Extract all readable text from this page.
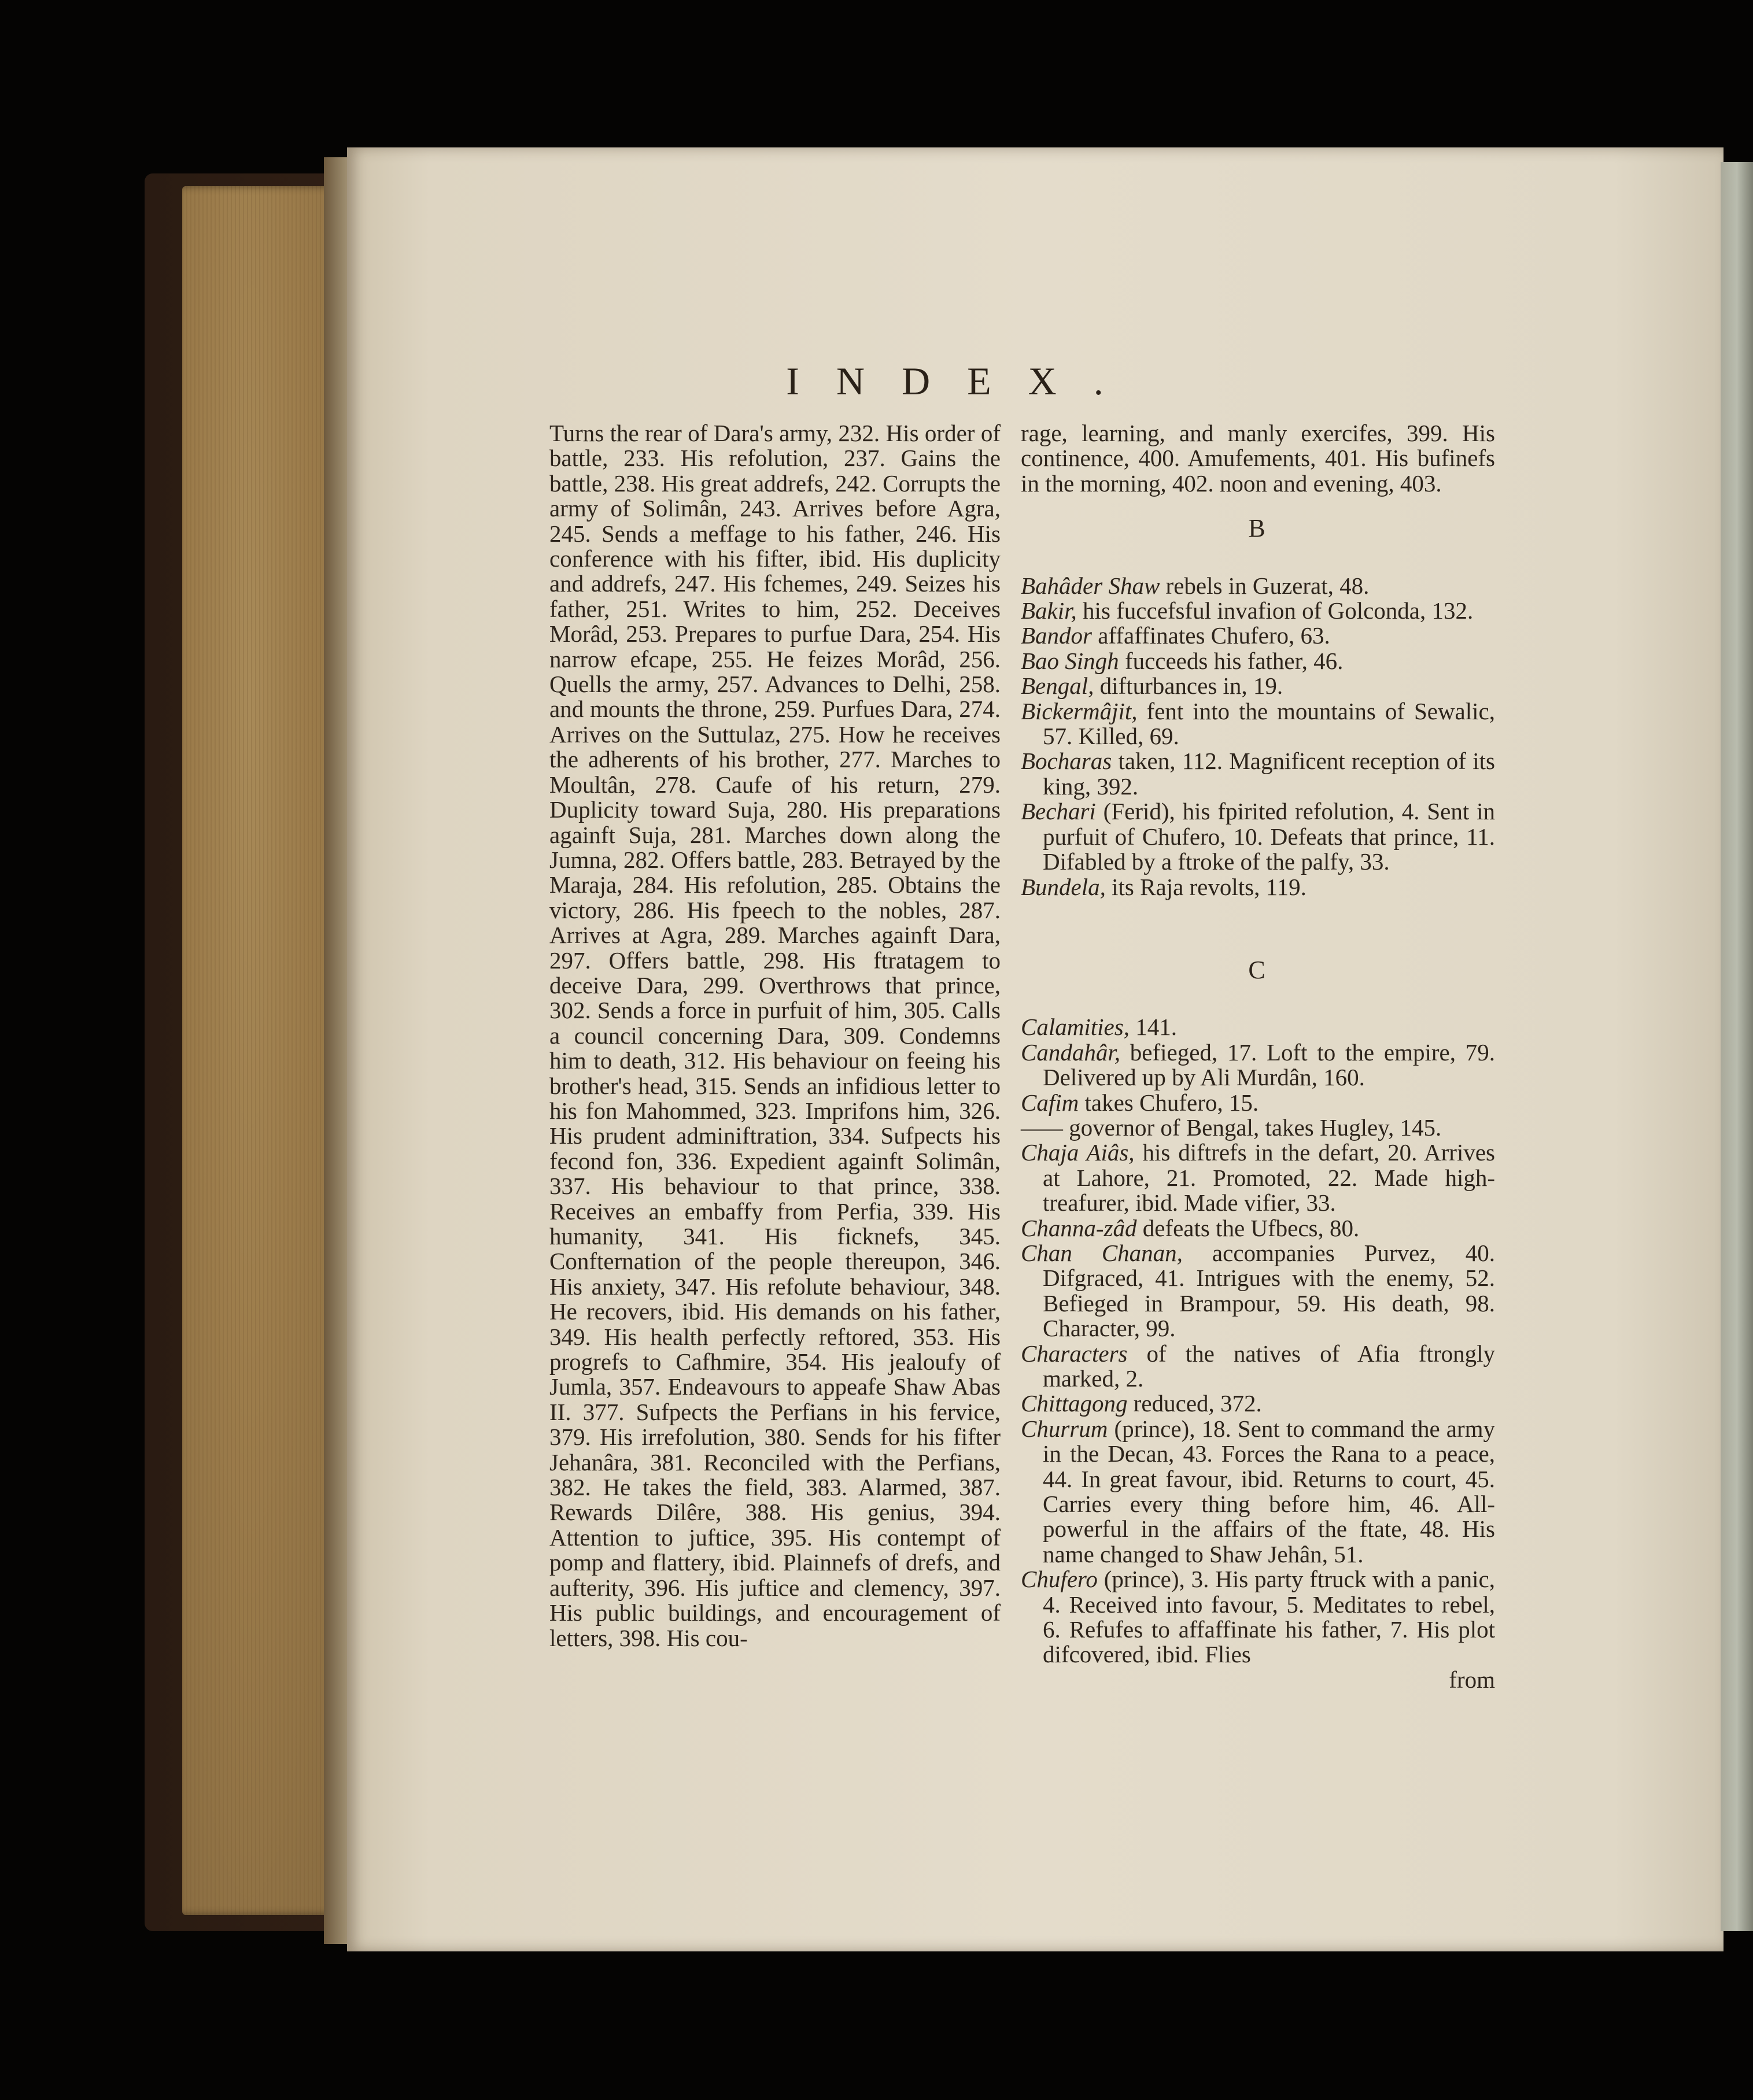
INDEX.
Turns the rear of Dara's army, 232. His order of battle, 233. His refolution, 237. Gains the battle, 238. His great addrefs, 242. Corrupts the army of Solimân, 243. Arrives before Agra, 245. Sends a meffage to his father, 246. His conference with his fifter, ibid. His duplicity and addrefs, 247. His fchemes, 249. Seizes his father, 251. Writes to him, 252. Deceives Morâd, 253. Prepares to purfue Dara, 254. His narrow efcape, 255. He feizes Morâd, 256. Quells the army, 257. Advances to Delhi, 258. and mounts the throne, 259. Purfues Dara, 274. Arrives on the Suttulaz, 275. How he receives the adherents of his brother, 277. Marches to Moultân, 278. Caufe of his return, 279. Duplicity toward Suja, 280. His preparations againft Suja, 281. Marches down along the Jumna, 282. Offers battle, 283. Betrayed by the Maraja, 284. His refolution, 285. Obtains the victory, 286. His fpeech to the nobles, 287. Arrives at Agra, 289. Marches againft Dara, 297. Offers battle, 298. His ftratagem to deceive Dara, 299. Overthrows that prince, 302. Sends a force in purfuit of him, 305. Calls a council concerning Dara, 309. Condemns him to death, 312. His behaviour on feeing his brother's head, 315. Sends an infidious letter to his fon Mahommed, 323. Imprifons him, 326. His prudent adminiftration, 334. Sufpects his fecond fon, 336. Expedient againft Solimân, 337. His behaviour to that prince, 338. Receives an embaffy from Perfia, 339. His humanity, 341. His ficknefs, 345. Confternation of the people thereupon, 346. His anxiety, 347. His refolute behaviour, 348. He recovers, ibid. His demands on his father, 349. His health perfectly reftored, 353. His progrefs to Cafhmire, 354. His jealoufy of Jumla, 357. Endeavours to appeafe Shaw Abas II. 377. Sufpects the Perfians in his fervice, 379. His irrefolution, 380. Sends for his fifter Jehanâra, 381. Reconciled with the Perfians, 382. He takes the field, 383. Alarmed, 387. Rewards Dilêre, 388. His genius, 394. Attention to juftice, 395. His contempt of pomp and flattery, ibid. Plainnefs of drefs, and aufterity, 396. His juftice and clemency, 397. His public buildings, and encouragement of letters, 398. His cou-
rage, learning, and manly exercifes, 399. His continence, 400. Amufements, 401. His bufinefs in the morning, 402. noon and evening, 403.
B
Bahâder Shaw rebels in Guzerat, 48.
Bakir, his fuccefsful invafion of Golconda, 132.
Bandor affaffinates Chufero, 63.
Bao Singh fucceeds his father, 46.
Bengal, difturbances in, 19.
Bickermâjit, fent into the mountains of Sewalic, 57. Killed, 69.
Bocharas taken, 112. Magnificent reception of its king, 392.
Bechari (Ferid), his fpirited refolution, 4. Sent in purfuit of Chufero, 10. Defeats that prince, 11. Difabled by a ftroke of the palfy, 33.
Bundela, its Raja revolts, 119.
C
Calamities, 141.
Candahâr, befieged, 17. Loft to the empire, 79. Delivered up by Ali Murdân, 160.
Cafim takes Chufero, 15.
—— governor of Bengal, takes Hugley, 145.
Chaja Aiâs, his diftrefs in the defart, 20. Arrives at Lahore, 21. Promoted, 22. Made high-treafurer, ibid. Made vifier, 33.
Channa-zâd defeats the Ufbecs, 80.
Chan Chanan, accompanies Purvez, 40. Difgraced, 41. Intrigues with the enemy, 52. Befieged in Brampour, 59. His death, 98. Character, 99.
Characters of the natives of Afia ftrongly marked, 2.
Chittagong reduced, 372.
Churrum (prince), 18. Sent to command the army in the Decan, 43. Forces the Rana to a peace, 44. In great favour, ibid. Returns to court, 45. Carries every thing before him, 46. All-powerful in the affairs of the ftate, 48. His name changed to Shaw Jehân, 51.
Chufero (prince), 3. His party ftruck with a panic, 4. Received into favour, 5. Meditates to rebel, 6. Refufes to affaffinate his father, 7. His plot difcovered, ibid. Flies
from
